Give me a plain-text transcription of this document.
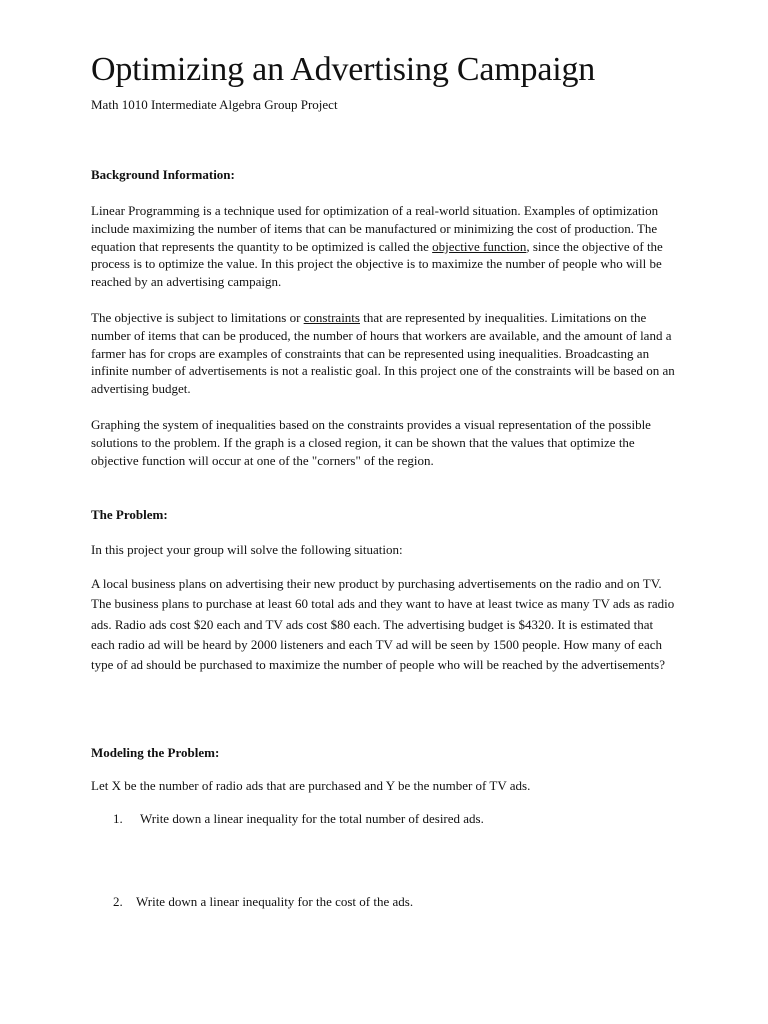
Optimizing an Advertising Campaign
Math 1010 Intermediate Algebra Group Project
Background Information:

Linear Programming is a technique used for optimization of a real-world situation. Examples of optimization include maximizing the number of items that can be manufactured or minimizing the cost of production. The equation that represents the quantity to be optimized is called the objective function, since the objective of the process is to optimize the value. In this project the objective is to maximize the number of people who will be reached by an advertising campaign.

The objective is subject to limitations or constraints that are represented by inequalities. Limitations on the number of items that can be produced, the number of hours that workers are available, and the amount of land a farmer has for crops are examples of constraints that can be represented using inequalities. Broadcasting an infinite number of advertisements is not a realistic goal. In this project one of the constraints will be based on an advertising budget.

Graphing the system of inequalities based on the constraints provides a visual representation of the possible solutions to the problem. If the graph is a closed region, it can be shown that the values that optimize the objective function will occur at one of the "corners" of the region.

The Problem:

In this project your group will solve the following situation:

A local business plans on advertising their new product by purchasing advertisements on the radio and on TV. The business plans to purchase at least 60 total ads and they want to have at least twice as many TV ads as radio ads. Radio ads cost $20 each and TV ads cost $80 each. The advertising budget is $4320. It is estimated that each radio ad will be heard by 2000 listeners and each TV ad will be seen by 1500 people. How many of each type of ad should be purchased to maximize the number of people who will be reached by the advertisements?

Modeling the Problem:

Let X be the number of radio ads that are purchased and Y be the number of TV ads.

1. Write down a linear inequality for the total number of desired ads.
2. Write down a linear inequality for the cost of the ads.
